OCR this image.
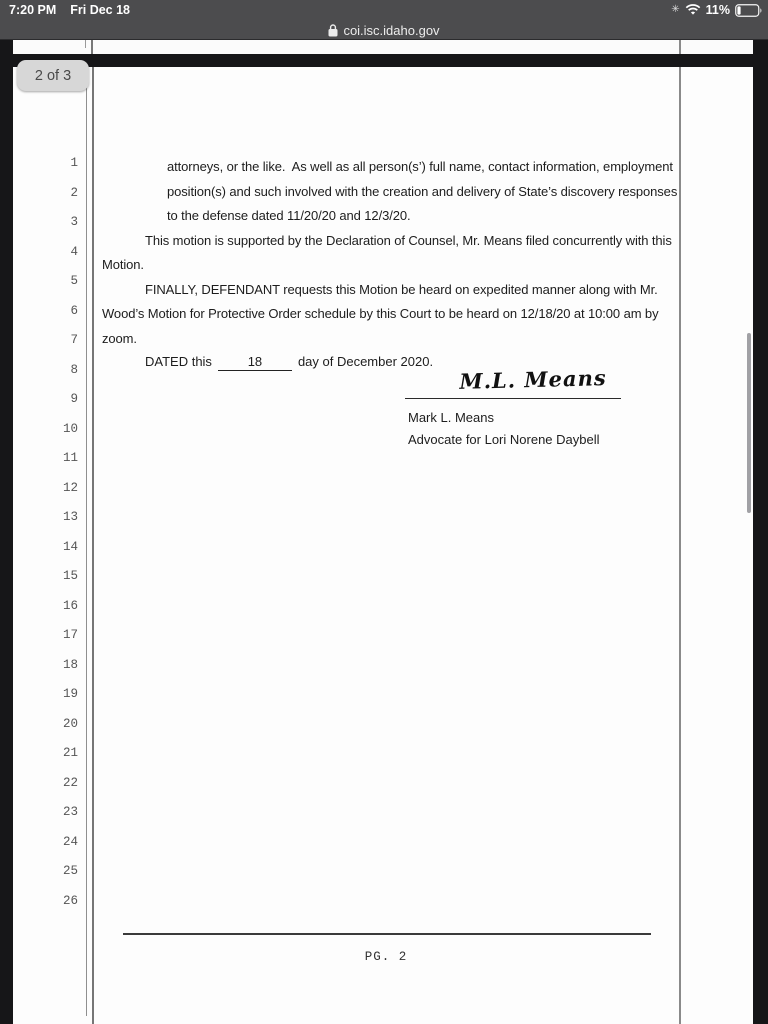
7:20 PM Fri Dec 18	✳ 11%
coi.isc.idaho.gov
2 of 3
1
2
3
4
5
6
7
8
9
10
11
12
13
14
15
16
17
18
19
20
21
22
23
24
25
26
attorneys, or the like.  As well as all person(s’) full name, contact information, employment
position(s) and such involved with the creation and delivery of State’s discovery responses
to the defense dated 11/20/20 and 12/3/20.
This motion is supported by the Declaration of Counsel, Mr. Means filed concurrently with this
Motion.
FINALLY, DEFENDANT requests this Motion be heard on expedited manner along with Mr.
Wood’s Motion for Protective Order schedule by this Court to be heard on 12/18/20 at 10:00 am by
zoom.
DATED this	18	day of December 2020.
M.L. Means
Mark L. Means
Advocate for Lori Norene Daybell
PG. 2
